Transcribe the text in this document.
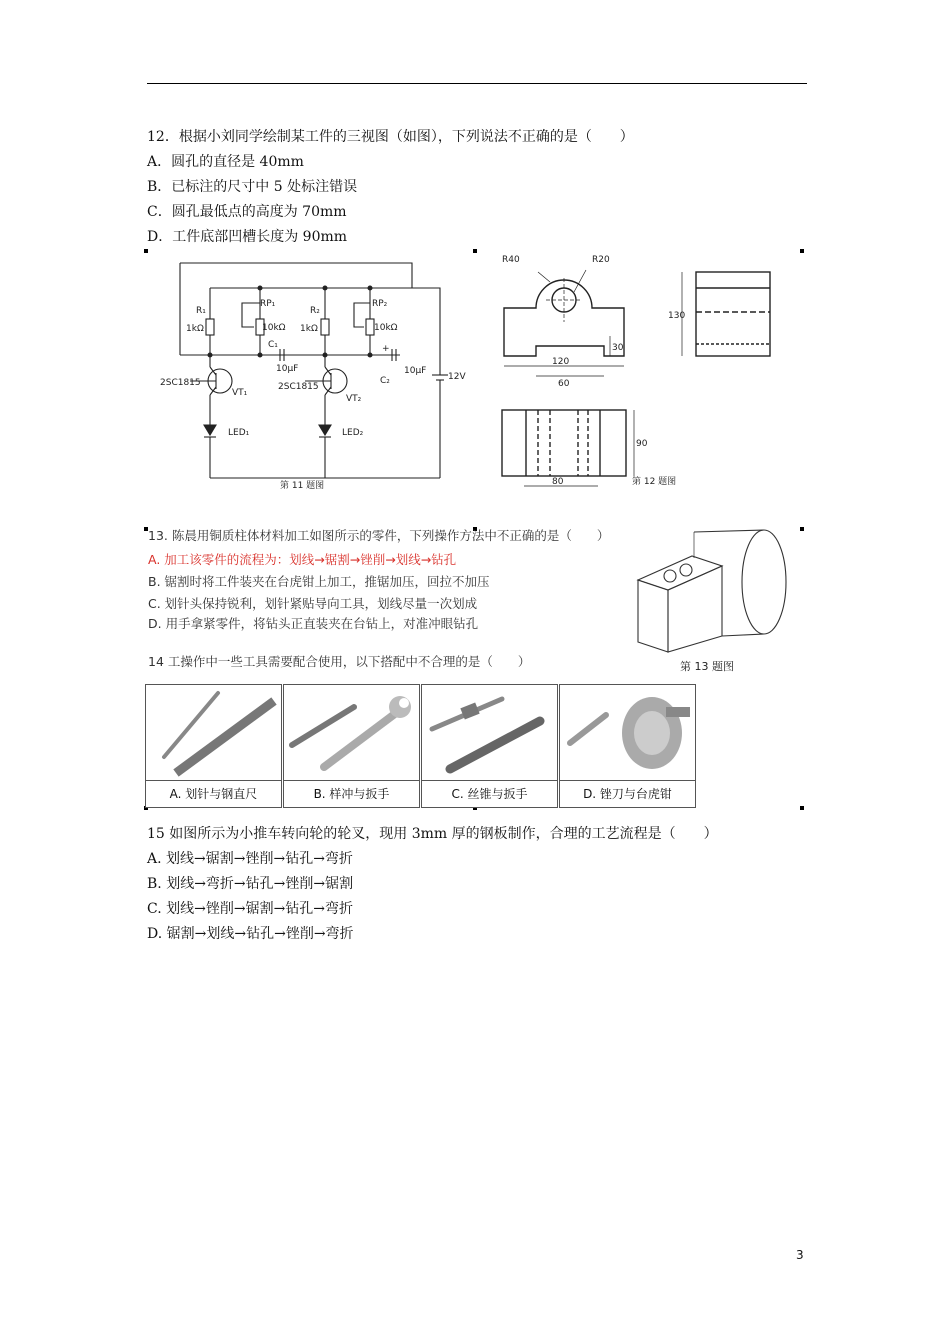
12．根据小刘同学绘制某工件的三视图（如图），下列说法不正确的是（　　）
A．圆孔的直径是 40mm
B．已标注的尺寸中 5 处标注错误
C．圆孔最低点的高度为 70mm
D．工件底部凹槽长度为 90mm
R₁
1kΩ
RP₁
10kΩ
R₂
1kΩ
RP₂
10kΩ
C₁
10μF
C₂
10μF
+
2SC1815
VT₁
2SC1815
VT₂
LED₁	LED₂
12V
第 11 题图
R40	R20
120
60
30
130
90
80	第 12 题图
13. 陈晨用铜质柱体材料加工如图所示的零件，下列操作方法中不正确的是（　　）
A. 加工该零件的流程为：划线→锯割→锉削→划线→钻孔
B. 锯割时将工件装夹在台虎钳上加工，推锯加压，回拉不加压
C. 划针头保持锐利，划针紧贴导向工具，划线尽量一次划成
D. 用手拿紧零件，将钻头正直装夹在台钻上，对准冲眼钻孔
14 工操作中一些工具需要配合使用，以下搭配中不合理的是（　　）	第 13 题图
A. 划针与钢直尺	B. 样冲与扳手	C. 丝锥与扳手	D. 锉刀与台虎钳
15 如图所示为小推车转向轮的轮叉，现用 3mm 厚的钢板制作，合理的工艺流程是（　　）
A. 划线→锯割→锉削→钻孔→弯折
B. 划线→弯折→钻孔→锉削→锯割
C. 划线→锉削→锯割→钻孔→弯折
D. 锯割→划线→钻孔→锉削→弯折
3
